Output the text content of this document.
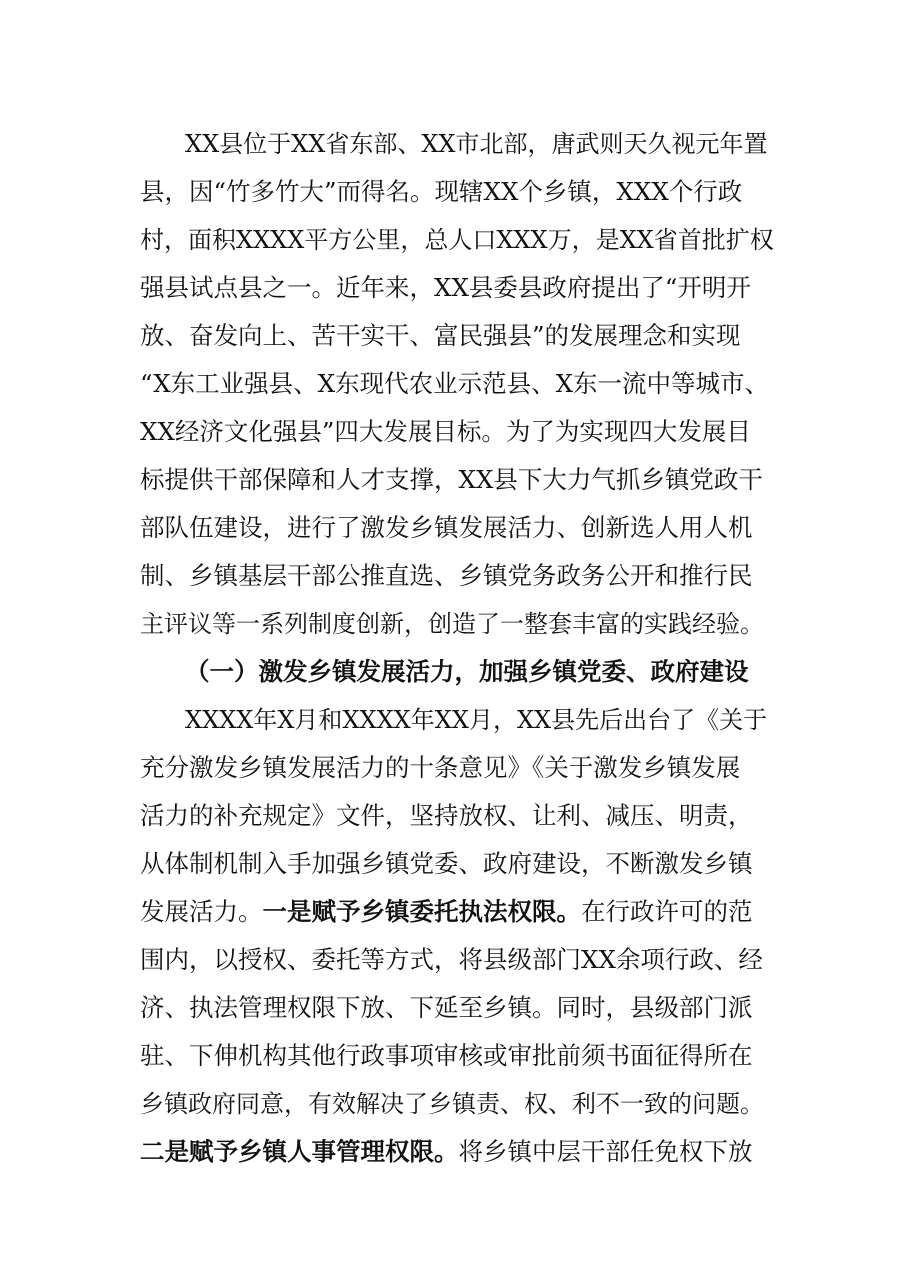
XX县位于XX省东部、XX市北部，唐武则天久视元年置
县，因“竹多竹大”而得名。现辖XX个乡镇，XXX个行政
村，面积XXXX平方公里，总人口XXX万，是XX省首批扩权
强县试点县之一。近年来，XX县委县政府提出了“开明开
放、奋发向上、苦干实干、富民强县”的发展理念和实现
“X东工业强县、X东现代农业示范县、X东一流中等城市、
XX经济文化强县”四大发展目标。为了为实现四大发展目
标提供干部保障和人才支撑，XX县下大力气抓乡镇党政干
部队伍建设，进行了激发乡镇发展活力、创新选人用人机
制、乡镇基层干部公推直选、乡镇党务政务公开和推行民
主评议等一系列制度创新，创造了一整套丰富的实践经验。
（一）激发乡镇发展活力，加强乡镇党委、政府建设
XXXX年X月和XXXX年XX月，XX县先后出台了《关于
充分激发乡镇发展活力的十条意见》《关于激发乡镇发展
活力的补充规定》文件，坚持放权、让利、减压、明责，
从体制机制入手加强乡镇党委、政府建设，不断激发乡镇
发展活力。一是赋予乡镇委托执法权限。在行政许可的范
围内，以授权、委托等方式，将县级部门XX余项行政、经
济、执法管理权限下放、下延至乡镇。同时，县级部门派
驻、下伸机构其他行政事项审核或审批前须书面征得所在
乡镇政府同意，有效解决了乡镇责、权、利不一致的问题。
二是赋予乡镇人事管理权限。将乡镇中层干部任免权下放
